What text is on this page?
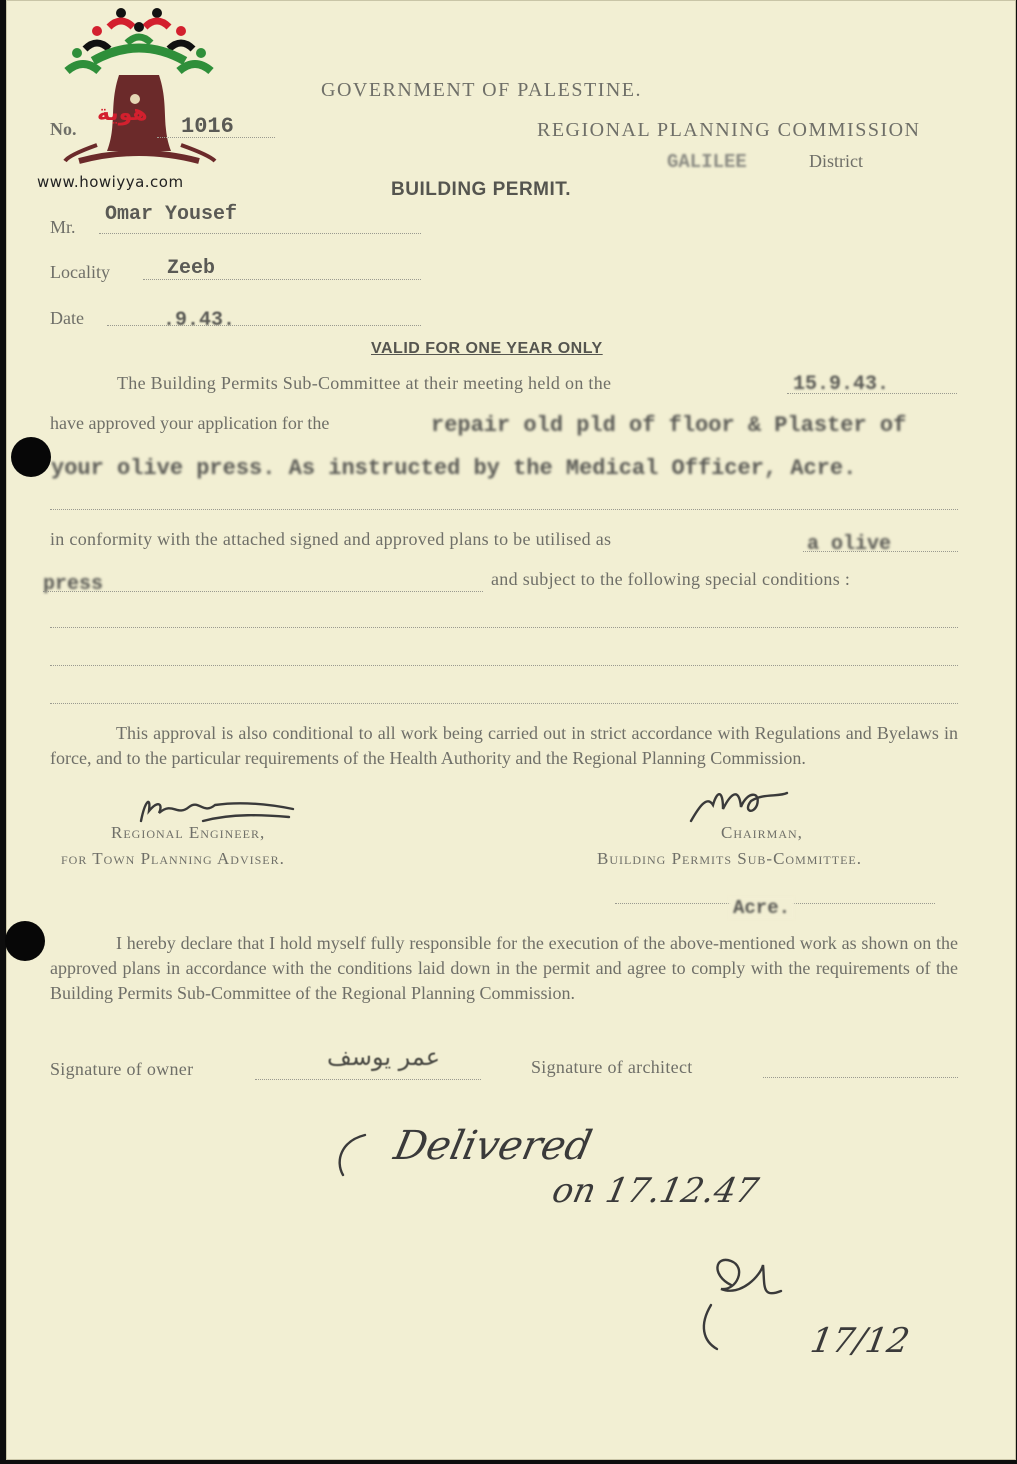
هوية
www.howiyya.com
GOVERNMENT OF PALESTINE.
No.	1016	REGIONAL PLANNING COMMISSION
GALILEE	District
BUILDING PERMIT.
Mr.
Omar Yousef
Locality	Zeeb
Date	.9.43.
VALID FOR ONE YEAR ONLY
The Building Permits Sub-Committee at their meeting held on the	15.9.43.
have approved your application for the	repair old pld of floor & Plaster of
your olive press. As instructed by the Medical Officer, Acre.
in conformity with the attached signed and approved plans to be utilised as	a olive
press	and subject to the following special conditions :

This approval is also conditional to all work being carried out in strict accordance with Regulations and Byelaws in force, and to the particular requirements of the Health Authority and the Regional Planning Commission.

Regional Engineer,
for Town Planning Adviser.
Chairman,
Building Permits Sub-Committee.
Acre.

I hereby declare that I hold myself fully responsible for the execution of the above-mentioned work as shown on the approved plans in accordance with the conditions laid down in the permit and agree to comply with the requirements of the Building Permits Sub-Committee of the Regional Planning Commission.

Signature of owner	عمر يوسف	Signature of architect
Delivered
on 17.12.47
17/12
